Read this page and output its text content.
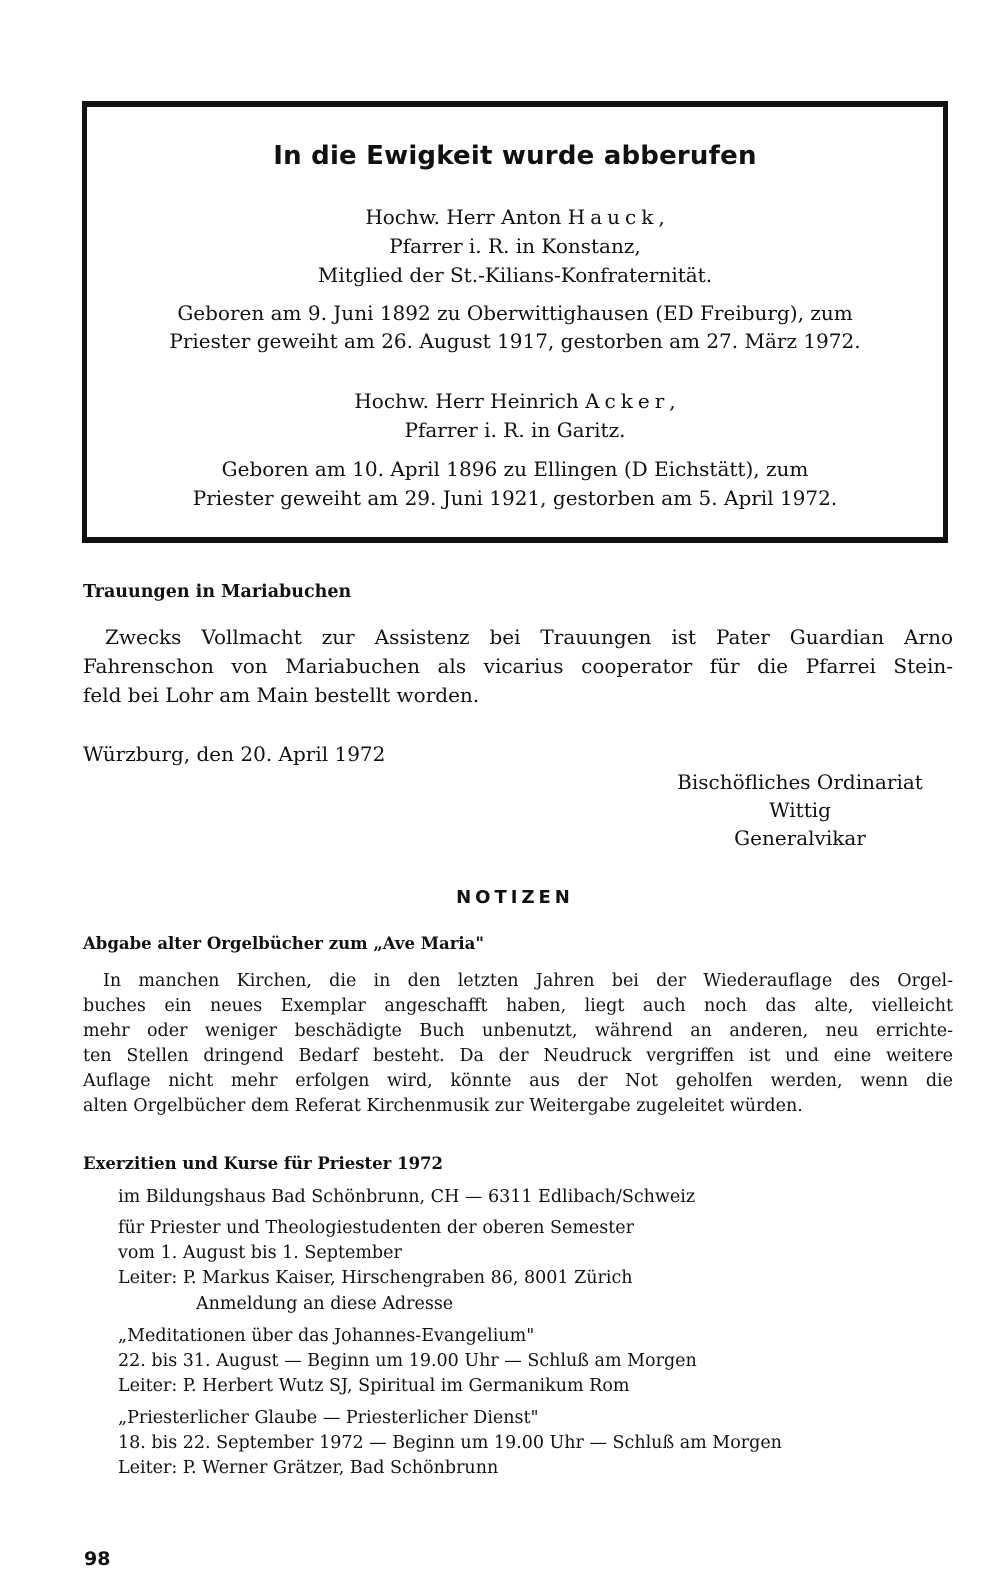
In die Ewigkeit wurde abberufen
Hochw. Herr Anton Hauck,
Pfarrer i. R. in Konstanz,
Mitglied der St.-Kilians-Konfraternität.
Geboren am 9. Juni 1892 zu Oberwittighausen (ED Freiburg), zum
Priester geweiht am 26. August 1917, gestorben am 27. März 1972.
Hochw. Herr Heinrich Acker,
Pfarrer i. R. in Garitz.
Geboren am 10. April 1896 zu Ellingen (D Eichstätt), zum
Priester geweiht am 29. Juni 1921, gestorben am 5. April 1972.
Trauungen in Mariabuchen
Zwecks Vollmacht zur Assistenz bei Trauungen ist Pater Guardian Arno
Fahrenschon von Mariabuchen als vicarius cooperator für die Pfarrei Stein-
feld bei Lohr am Main bestellt worden.
Würzburg, den 20. April 1972
Bischöfliches Ordinariat
Wittig
Generalvikar
NOTIZEN
Abgabe alter Orgelbücher zum „Ave Maria"
In manchen Kirchen, die in den letzten Jahren bei der Wiederauflage des Orgel-
buches ein neues Exemplar angeschafft haben, liegt auch noch das alte, vielleicht
mehr oder weniger beschädigte Buch unbenutzt, während an anderen, neu errichte-
ten Stellen dringend Bedarf besteht. Da der Neudruck vergriffen ist und eine weitere
Auflage nicht mehr erfolgen wird, könnte aus der Not geholfen werden, wenn die
alten Orgelbücher dem Referat Kirchenmusik zur Weitergabe zugeleitet würden.
Exerzitien und Kurse für Priester 1972
im Bildungshaus Bad Schönbrunn, CH — 6311 Edlibach/Schweiz
für Priester und Theologiestudenten der oberen Semester
vom 1. August bis 1. September
Leiter: P. Markus Kaiser, Hirschengraben 86, 8001 Zürich
Anmeldung an diese Adresse
„Meditationen über das Johannes-Evangelium"
22. bis 31. August — Beginn um 19.00 Uhr — Schluß am Morgen
Leiter: P. Herbert Wutz SJ, Spiritual im Germanikum Rom
„Priesterlicher Glaube — Priesterlicher Dienst"
18. bis 22. September 1972 — Beginn um 19.00 Uhr — Schluß am Morgen
Leiter: P. Werner Grätzer, Bad Schönbrunn
98
